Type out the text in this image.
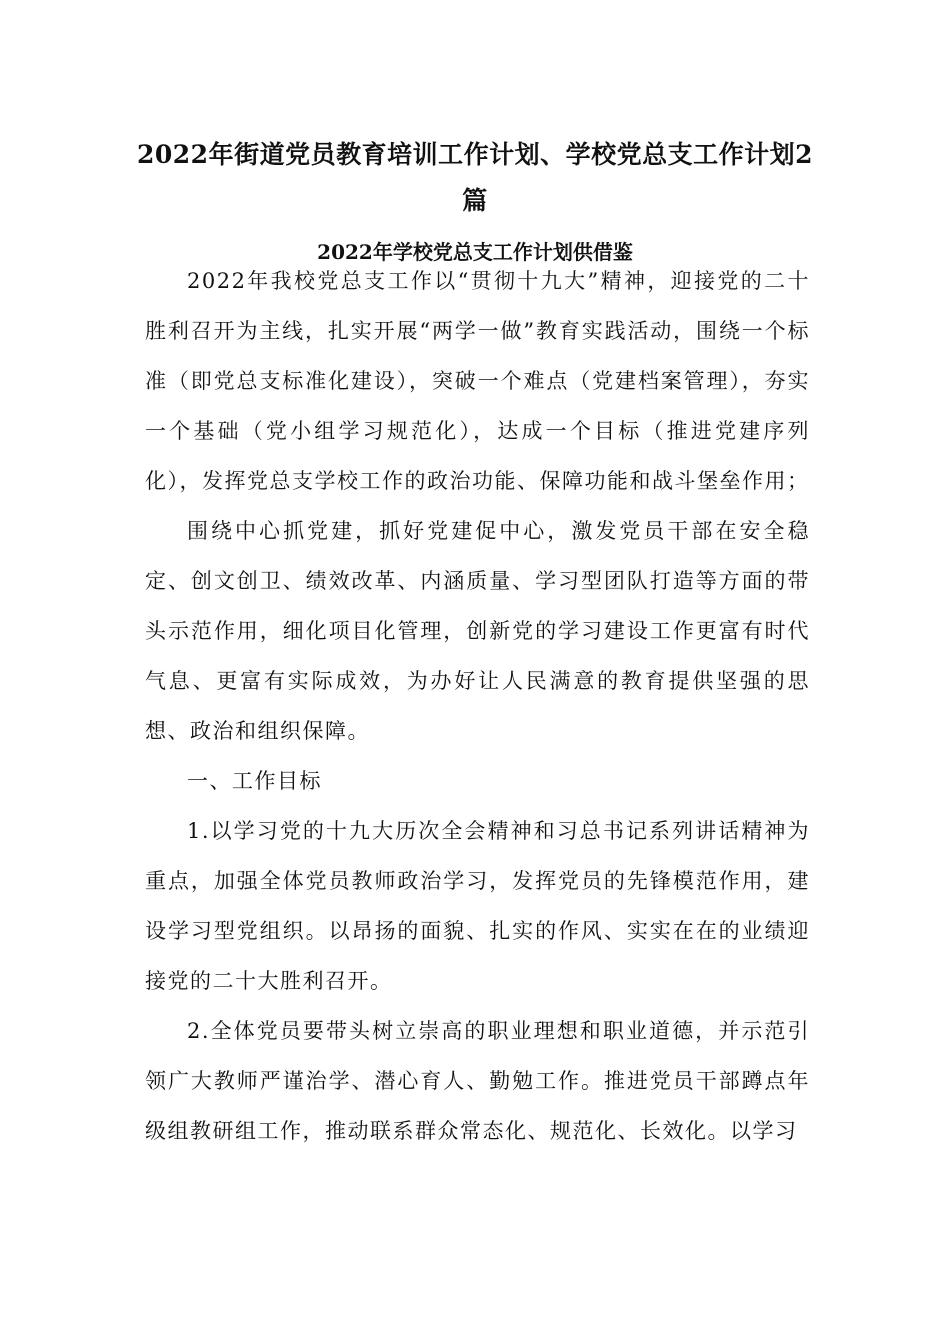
2022年街道党员教育培训工作计划、学校党总支工作计划2篇
2022年学校党总支工作计划供借鉴

2022年我校党总支工作以“贯彻十九大”精神，迎接党的二十胜利召开为主线，扎实开展“两学一做”教育实践活动，围绕一个标准（即党总支标准化建设），突破一个难点（党建档案管理），夯实一个基础（党小组学习规范化），达成一个目标（推进党建序列化），发挥党总支学校工作的政治功能、保障功能和战斗堡垒作用；

围绕中心抓党建，抓好党建促中心，激发党员干部在安全稳定、创文创卫、绩效改革、内涵质量、学习型团队打造等方面的带头示范作用，细化项目化管理，创新党的学习建设工作更富有时代气息、更富有实际成效，为办好让人民满意的教育提供坚强的思想、政治和组织保障。

一、工作目标

1.以学习党的十九大历次全会精神和习总书记系列讲话精神为重点，加强全体党员教师政治学习，发挥党员的先锋模范作用，建设学习型党组织。以昂扬的面貌、扎实的作风、实实在在的业绩迎接党的二十大胜利召开。

2.全体党员要带头树立崇高的职业理想和职业道德，并示范引领广大教师严谨治学、潜心育人、勤勉工作。推进党员干部蹲点年级组教研组工作，推动联系群众常态化、规范化、长效化。以学习
